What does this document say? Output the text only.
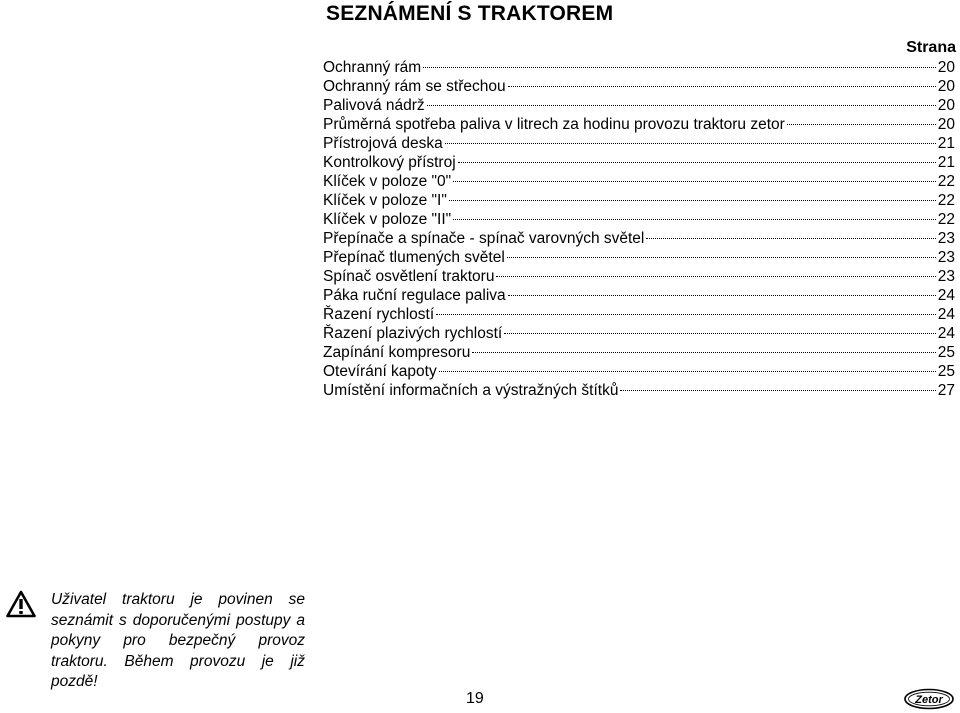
SEZNÁMENÍ S TRAKTOREM
Strana
Ochranný rám	20
Ochranný rám se střechou	20
Palivová nádrž	20
Průměrná spotřeba paliva v litrech za hodinu provozu traktoru zetor	20
Přístrojová deska	21
Kontrolkový přístroj	21
Klíček v poloze "0"	22
Klíček v poloze "I"	22
Klíček v poloze "II"	22
Přepínače a spínače - spínač varovných světel	23
Přepínač tlumených světel	23
Spínač osvětlení traktoru	23
Páka ruční regulace paliva	24
Řazení rychlostí	24
Řazení plazivých rychlostí	24
Zapínání kompresoru	25
Otevírání kapoty	25
Umístění informačních a výstražných štítků	27
Uživatel traktoru je povinen se seznámit s doporučenými postupy a pokyny pro bezpečný provoz traktoru. Během provozu je již pozdě!
19	Zetor
